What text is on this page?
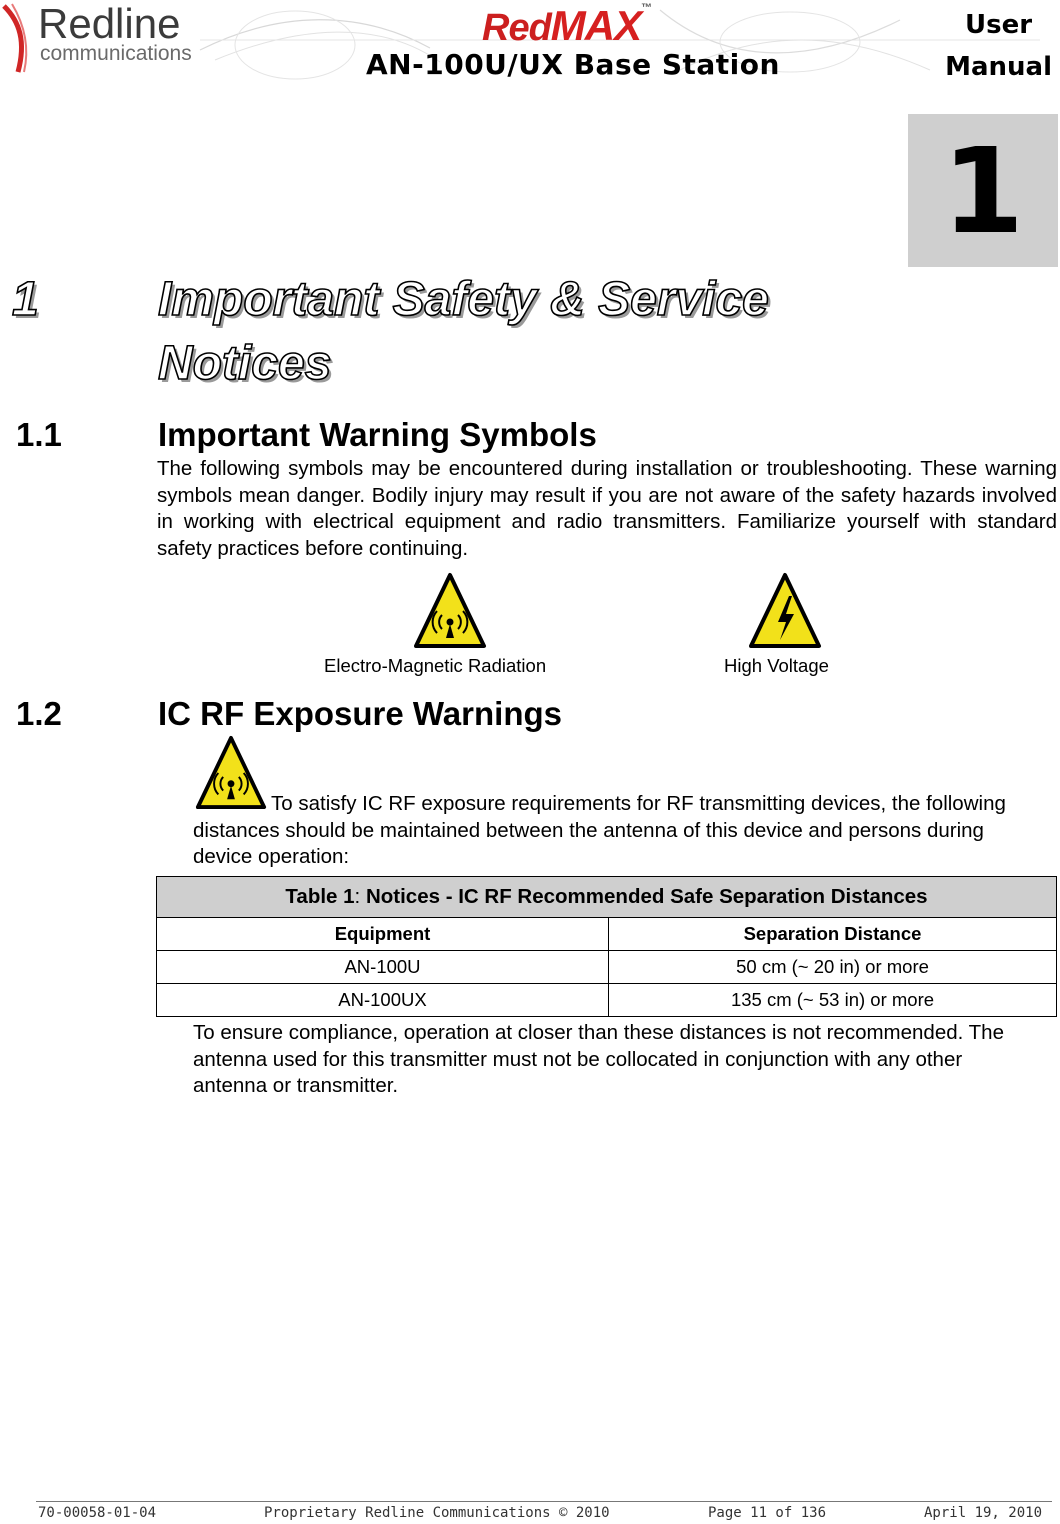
Redline
communications
RedMAX™
AN-100U/UX Base Station
User
Manual
1
1 Important Safety & Service
Notices
1.1	Important Warning Symbols
The following symbols may be encountered during installation or troubleshooting. These warning symbols mean danger. Bodily injury may result if you are not aware of the safety hazards involved in working with electrical equipment and radio transmitters. Familiarize yourself with standard safety practices before continuing.
Electro-Magnetic Radiation	High Voltage
1.2	IC RF Exposure Warnings
To satisfy IC RF exposure requirements for RF transmitting devices, the following distances should be maintained between the antenna of this device and persons during device operation:
Table 1: Notices - IC RF Recommended Safe Separation Distances	
Equipment	Separation Distance
AN-100U	50 cm (~ 20 in) or more
AN-100UX	135 cm (~ 53 in) or more
To ensure compliance, operation at closer than these distances is not recommended. The antenna used for this transmitter must not be collocated in conjunction with any other antenna or transmitter.
70-00058-01-04	Proprietary Redline Communications © 2010	Page 11 of 136	April 19, 2010
